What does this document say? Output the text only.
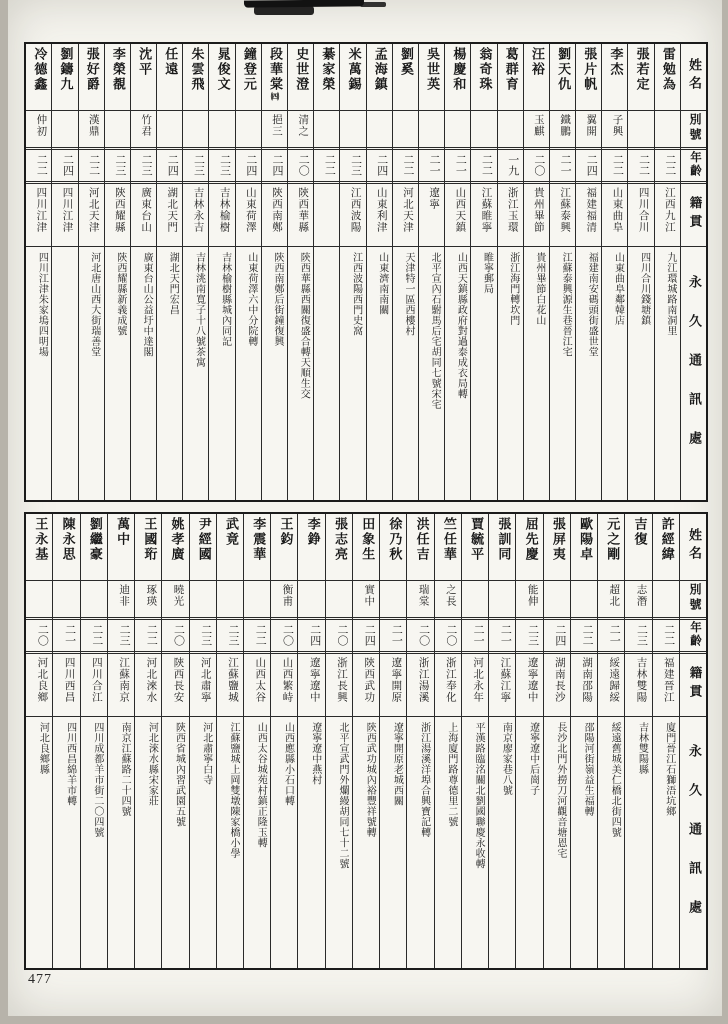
姓名
別號
年齡
籍貫
永久通訊處
雷勉為
二二
江西九江
九江環城路南洞里
張若定
二二
四川合川
四川合川錢塘鎮
李杰
子興
二二
山東曲阜
山東曲阜鄰韓店
張片帆
翼開
二四
福建福清
福建南安碼頭街盛世堂
劉天仇
鐵鵬
二一
江蘇泰興
江蘇泰興源生巷晉江宅
汪裕
玉麒
二〇
貴州畢節
貴州畢節白花山
葛群育
一九
浙江玉環
浙江海門轉坎門
翁奇珠
二二
江蘇睢寧
睢寧郵局
楊慶和
二一
山西天鎮
山西天鎮縣政府對過泰成衣局轉
吳世英
二一
遼寧
北平宣內石駙馬后宅胡同七號宋宅
劉奚
二二
河北天津
天津特一區西樓村
孟海鎮
二四
山東利津
山東濟南南關
米萬錫
二三
江西波陽
江西波陽西門史窩
綦家榮
二二
史世澄
清之
二〇
陝西華縣
陝西華縣西關復盛合轉天順生交
段華棠㈣
挹三
二四
陝西南鄭
陝西南鄭后街鐘復興
鐘登元
二四
山東荷澤
山東荷澤六中分院轉
晁俊文
二三
吉林榆樹
吉林榆樹縣城內同記
朱雲飛
二三
吉林永吉
吉林洮南寬子十八號茶寓
任遠
二四
湖北天門
湖北天門宏昌
沈平
竹君
二三
廣東台山
廣東台山公益圩中達閣
李榮覩
二三
陝西耀縣
陝西耀縣新義成號
張好爵
漢鼎
二二
河北天津
河北唐山西大街瑞善堂
劉鑄九
二四
四川江津
冷德鑫
仲初
二二
四川江津
四川江津朱家塢四明場
姓名
別號
年齡
籍貫
永久通訊處
許經緯
二二
福建晉江
廈門晉江石獅浯坑鄉
吉復
志潛
二三
吉林雙陽
吉林雙陽縣
元之剛
超北
二一
綏遠歸綏
綏遠舊城美仁橋北街四號
歐陽卓
二二
湖南邵陽
邵陽河街嶺益生福轉
張屏夷
二四
湖南長沙
長沙北門外撈刀河觀音塘恩宅
屈先慶
能伸
二三
遼寧遼中
遼寧遼中后崗子
張訓同
二一
江蘇江寧
南京廖家巷八號
賈毓平
二一
河北永年
平漢路臨洺關北劉國聯慶永收轉
竺任華
之長
二〇
浙江奉化
上海廈門路尊德里二號
洪任吉
瑞棠
二〇
浙江湯溪
浙江湯溪洋埠合興寶記轉
徐乃秋
二一
遼寧開原
遼寧開原老城西關
田象生
實中
二四
陝西武功
陝西武功城內裕豐祥號轉
張志亮
二〇
浙江長興
北平宣武門外爛縵胡同七十二號
李錚
二四
遼寧遼中
遼寧遼中燕村
王鈞
衡甫
二〇
山西繁峙
山西應縣小石口轉
李震華
二二
山西太谷
山西太谷城苑村鎮正隆玉轉
武竟
二三
江蘇鹽城
江蘇鹽城上岡雙墩陳家橋小學
尹經國
二三
河北肅寧
河北肅寧白寺
姚孝廣
曉光
二〇
陝西長安
陝西省城內習武園五號
王國珩
琢瑛
二二
河北淶水
河北淶水縣宋家莊
萬中
迪非
二三
江蘇南京
南京江蘇路二十四號
劉繼豪
二二
四川合江
四川成都羊市街二〇四號
陳永思
二一
四川西昌
四川西昌綿羊市轉
王永基
二〇
河北良鄉
河北良鄉縣
477
